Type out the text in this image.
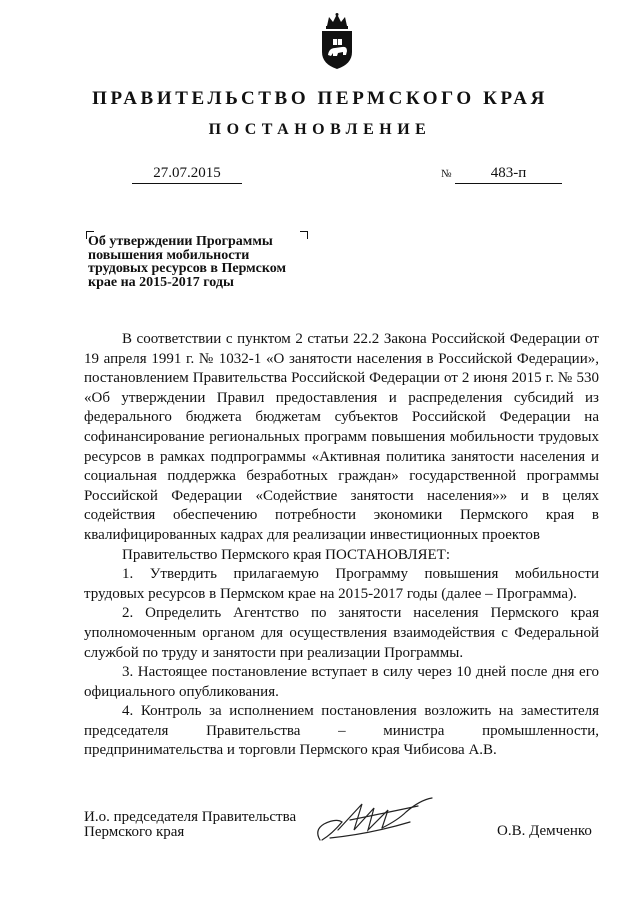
ПРАВИТЕЛЬСТВО ПЕРМСКОГО КРАЯ
ПОСТАНОВЛЕНИЕ
27.07.2015	№	483-п
Об утверждении Программы
повышения мобильности
трудовых ресурсов в Пермском
крае на 2015-2017 годы

В соответствии с пунктом 2 статьи 22.2 Закона Российской Федерации от 19 апреля 1991 г. № 1032-1 «О занятости населения в Российской Федерации», постановлением Правительства Российской Федерации от 2 июня 2015 г. № 530 «Об утверждении Правил предоставления и распределения субсидий из федерального бюджета бюджетам субъектов Российской Федерации на софинансирование региональных программ повышения мобильности трудовых ресурсов в рамках подпрограммы «Активная политика занятости населения и социальная поддержка безработных граждан» государственной программы Российской Федерации «Содействие занятости населения»» и в целях содействия обеспечению потребности экономики Пермского края в квалифицированных кадрах для реализации инвестиционных проектов

Правительство Пермского края ПОСТАНОВЛЯЕТ:

1. Утвердить прилагаемую Программу повышения мобильности трудовых ресурсов в Пермском крае на 2015-2017 годы (далее – Программа).

2. Определить Агентство по занятости населения Пермского края уполномоченным органом для осуществления взаимодействия с Федеральной службой по труду и занятости при реализации Программы.

3. Настоящее постановление вступает в силу через 10 дней после дня его официального опубликования.

4. Контроль за исполнением постановления возложить на заместителя председателя Правительства – министра промышленности, предпринимательства и торговли Пермского края Чибисова А.В.

И.о. председателя Правительства
Пермского края	О.В. Демченко
